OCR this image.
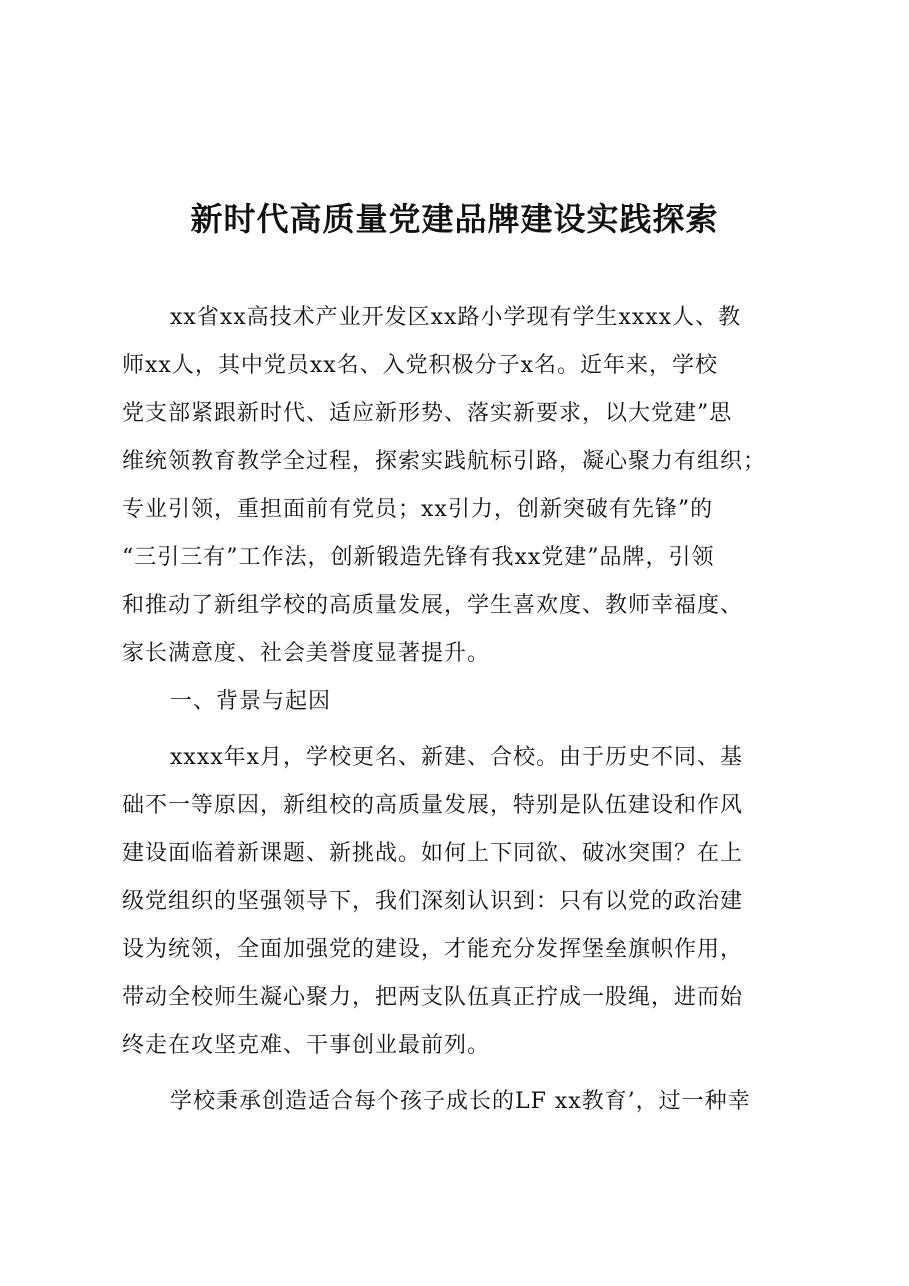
新时代高质量党建品牌建设实践探索
xx省xx高技术产业开发区xx路小学现有学生xxxx人、教
师xx人，其中党员xx名、入党积极分子x名。近年来，学校
党支部紧跟新时代、适应新形势、落实新要求，以大党建”思
维统领教育教学全过程，探索实践航标引路，凝心聚力有组织；
专业引领，重担面前有党员；xx引力，创新突破有先锋”的
“三引三有”工作法，创新锻造先锋有我xx党建”品牌，引领
和推动了新组学校的高质量发展，学生喜欢度、教师幸福度、
家长满意度、社会美誉度显著提升。
一、背景与起因
xxxx年x月，学校更名、新建、合校。由于历史不同、基
础不一等原因，新组校的高质量发展，特别是队伍建设和作风
建设面临着新课题、新挑战。如何上下同欲、破冰突围？在上
级党组织的坚强领导下，我们深刻认识到：只有以党的政治建
设为统领，全面加强党的建设，才能充分发挥堡垒旗帜作用，
带动全校师生凝心聚力，把两支队伍真正拧成一股绳，进而始
终走在攻坚克难、干事创业最前列。
学校秉承创造适合每个孩子成长的LF xx教育’，过一种幸
